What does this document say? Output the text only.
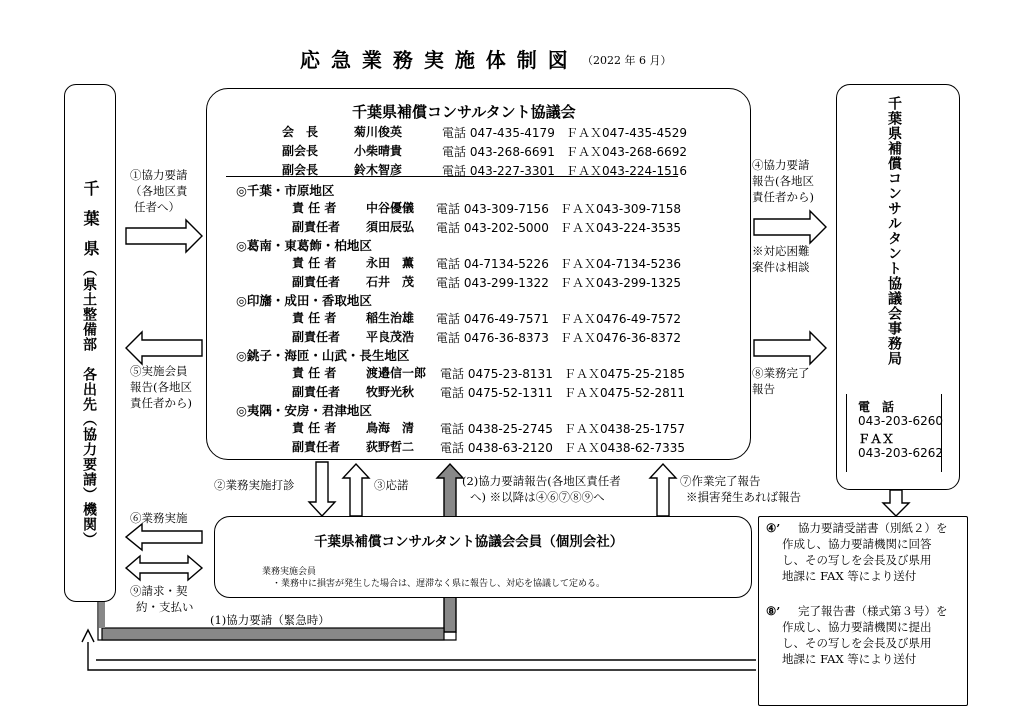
応 急 業 務 実 施 体 制 図 （2022 年 6 月）
千葉県
（県土整備部　各出先（協力要請）機関）
千葉県補償コンサルタント協議会
会　長	菊川俊英	電話 047-435-4179 ＦＡＸ047-435-4529
副会長	小柴晴貴	電話 043-268-6691 ＦＡＸ043-268-6692
副会長	鈴木智彦	電話 043-227-3301 ＦＡＸ043-224-1516
◎千葉・市原地区
責 任 者 中谷優儀 電話 043-309-7156 ＦＡＸ043-309-7158
副責任者 須田辰弘 電話 043-202-5000 ＦＡＸ043-224-3535
◎葛南・東葛飾・柏地区
責 任 者 永田　薫 電話 04-7134-5226 ＦＡＸ04-7134-5236
副責任者 石井　茂 電話 043-299-1322 ＦＡＸ043-299-1325
◎印旛・成田・香取地区
責 任 者 稲生治雄 電話 0476-49-7571 ＦＡＸ0476-49-7572
副責任者 平良茂浩 電話 0476-36-8373 ＦＡＸ0476-36-8372
◎銚子・海匝・山武・長生地区
責 任 者 渡邉信一郎 電話 0475-23-8131 ＦＡＸ0475-25-2185
副責任者 牧野光秋 電話 0475-52-1311 ＦＡＸ0475-52-2811
◎夷隅・安房・君津地区
責 任 者 鳥海　清 電話 0438-25-2745 ＦＡＸ0438-25-1757
副責任者 荻野哲二 電話 0438-63-2120 ＦＡＸ0438-62-7335
千葉県補償コンサルタント協議会事務局
電　話
043-203-6260
ＦＡＸ
043-203-6262
千葉県補償コンサルタント協議会会員（個別会社）
業務実施会員
・業務中に損害が発生した場合は、遅滞なく県に報告し、対応を協議して定める。
④’ 協力要請受諾書（別紙２）を
作成し、協力要請機関に回答
し、その写しを会長及び県用
地課に FAX 等により送付
⑧’ 完了報告書（様式第３号）を
作成し、協力要請機関に提出
し、その写しを会長及び県用
地課に FAX 等により送付
①協力要請
（各地区責
任者へ）
⑤実施会員
報告(各地区
責任者から)
⑥業務実施
⑨請求・契
約・支払い
④協力要請
報告(各地区
責任者から)
※対応困難
案件は相談
⑧業務完了
報告
②業務実施打診	③応諾	(2)協力要請報告(各地区責任者
へ) ※以降は④⑥⑦⑧⑨へ
⑦作業完了報告
※損害発生あれば報告
(1)協力要請（緊急時）
